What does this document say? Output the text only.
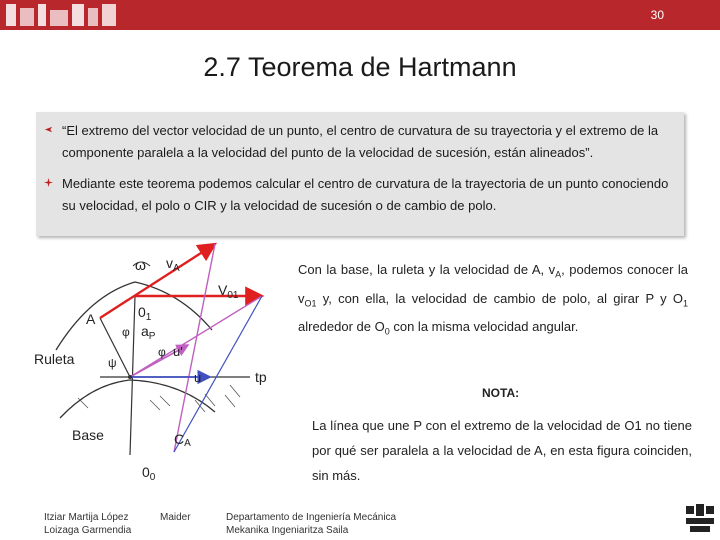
30
2.7 Teorema de Hartmann
“El extremo del vector velocidad de un punto, el centro de curvatura de su trayectoria y el extremo de la componente paralela a la velocidad del punto de la velocidad de sucesión, están alineados”.
Mediante este teorema podemos calcular el centro de curvatura de la trayectoria de un punto conociendo su velocidad, el polo o CIR y la velocidad de sucesión o de cambio de polo.
ω $v_A$
$V_{01}$
$0_1$
A
φ $a_P$
φ u'
ψ
u	tp
Ruleta
Base	CA
$0_0$
Con la base, la ruleta y la velocidad de A, $v_A$, podemos conocer la $v_{O1}$ y, con ella, la velocidad de cambio de polo, al girar P y $O_1$ alrededor de $O_0$ con la misma velocidad angular.
NOTA:
La línea que une P con el extremo de la velocidad de O1 no tiene por qué ser paralela a la velocidad de A, en esta figura coinciden, sin más.
Itziar Martija López
Loizaga Garmendia
Maider	Departamento de Ingeniería Mecánica
Mekanika Ingeniaritza Saila
